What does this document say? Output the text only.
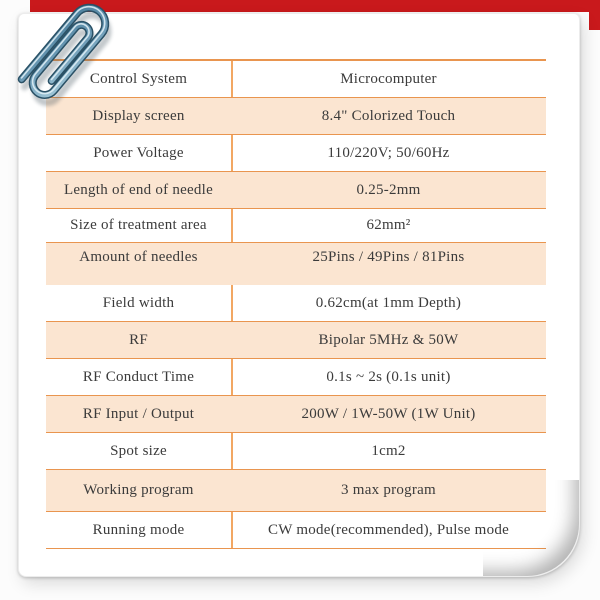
Control System	Microcomputer
Display screen	8.4" Colorized Touch
Power Voltage	110/220V; 50/60Hz
Length of end of needle	0.25-2mm
Size of treatment area	62mm²
Amount of needles	25Pins / 49Pins / 81Pins
Field width	0.62cm(at 1mm Depth)
RF	Bipolar 5MHz & 50W
RF Conduct Time	0.1s ~ 2s (0.1s unit)
RF Input / Output	200W / 1W-50W (1W Unit)
Spot size	1cm2
Working program	3 max program
Running mode	CW mode(recommended), Pulse mode
